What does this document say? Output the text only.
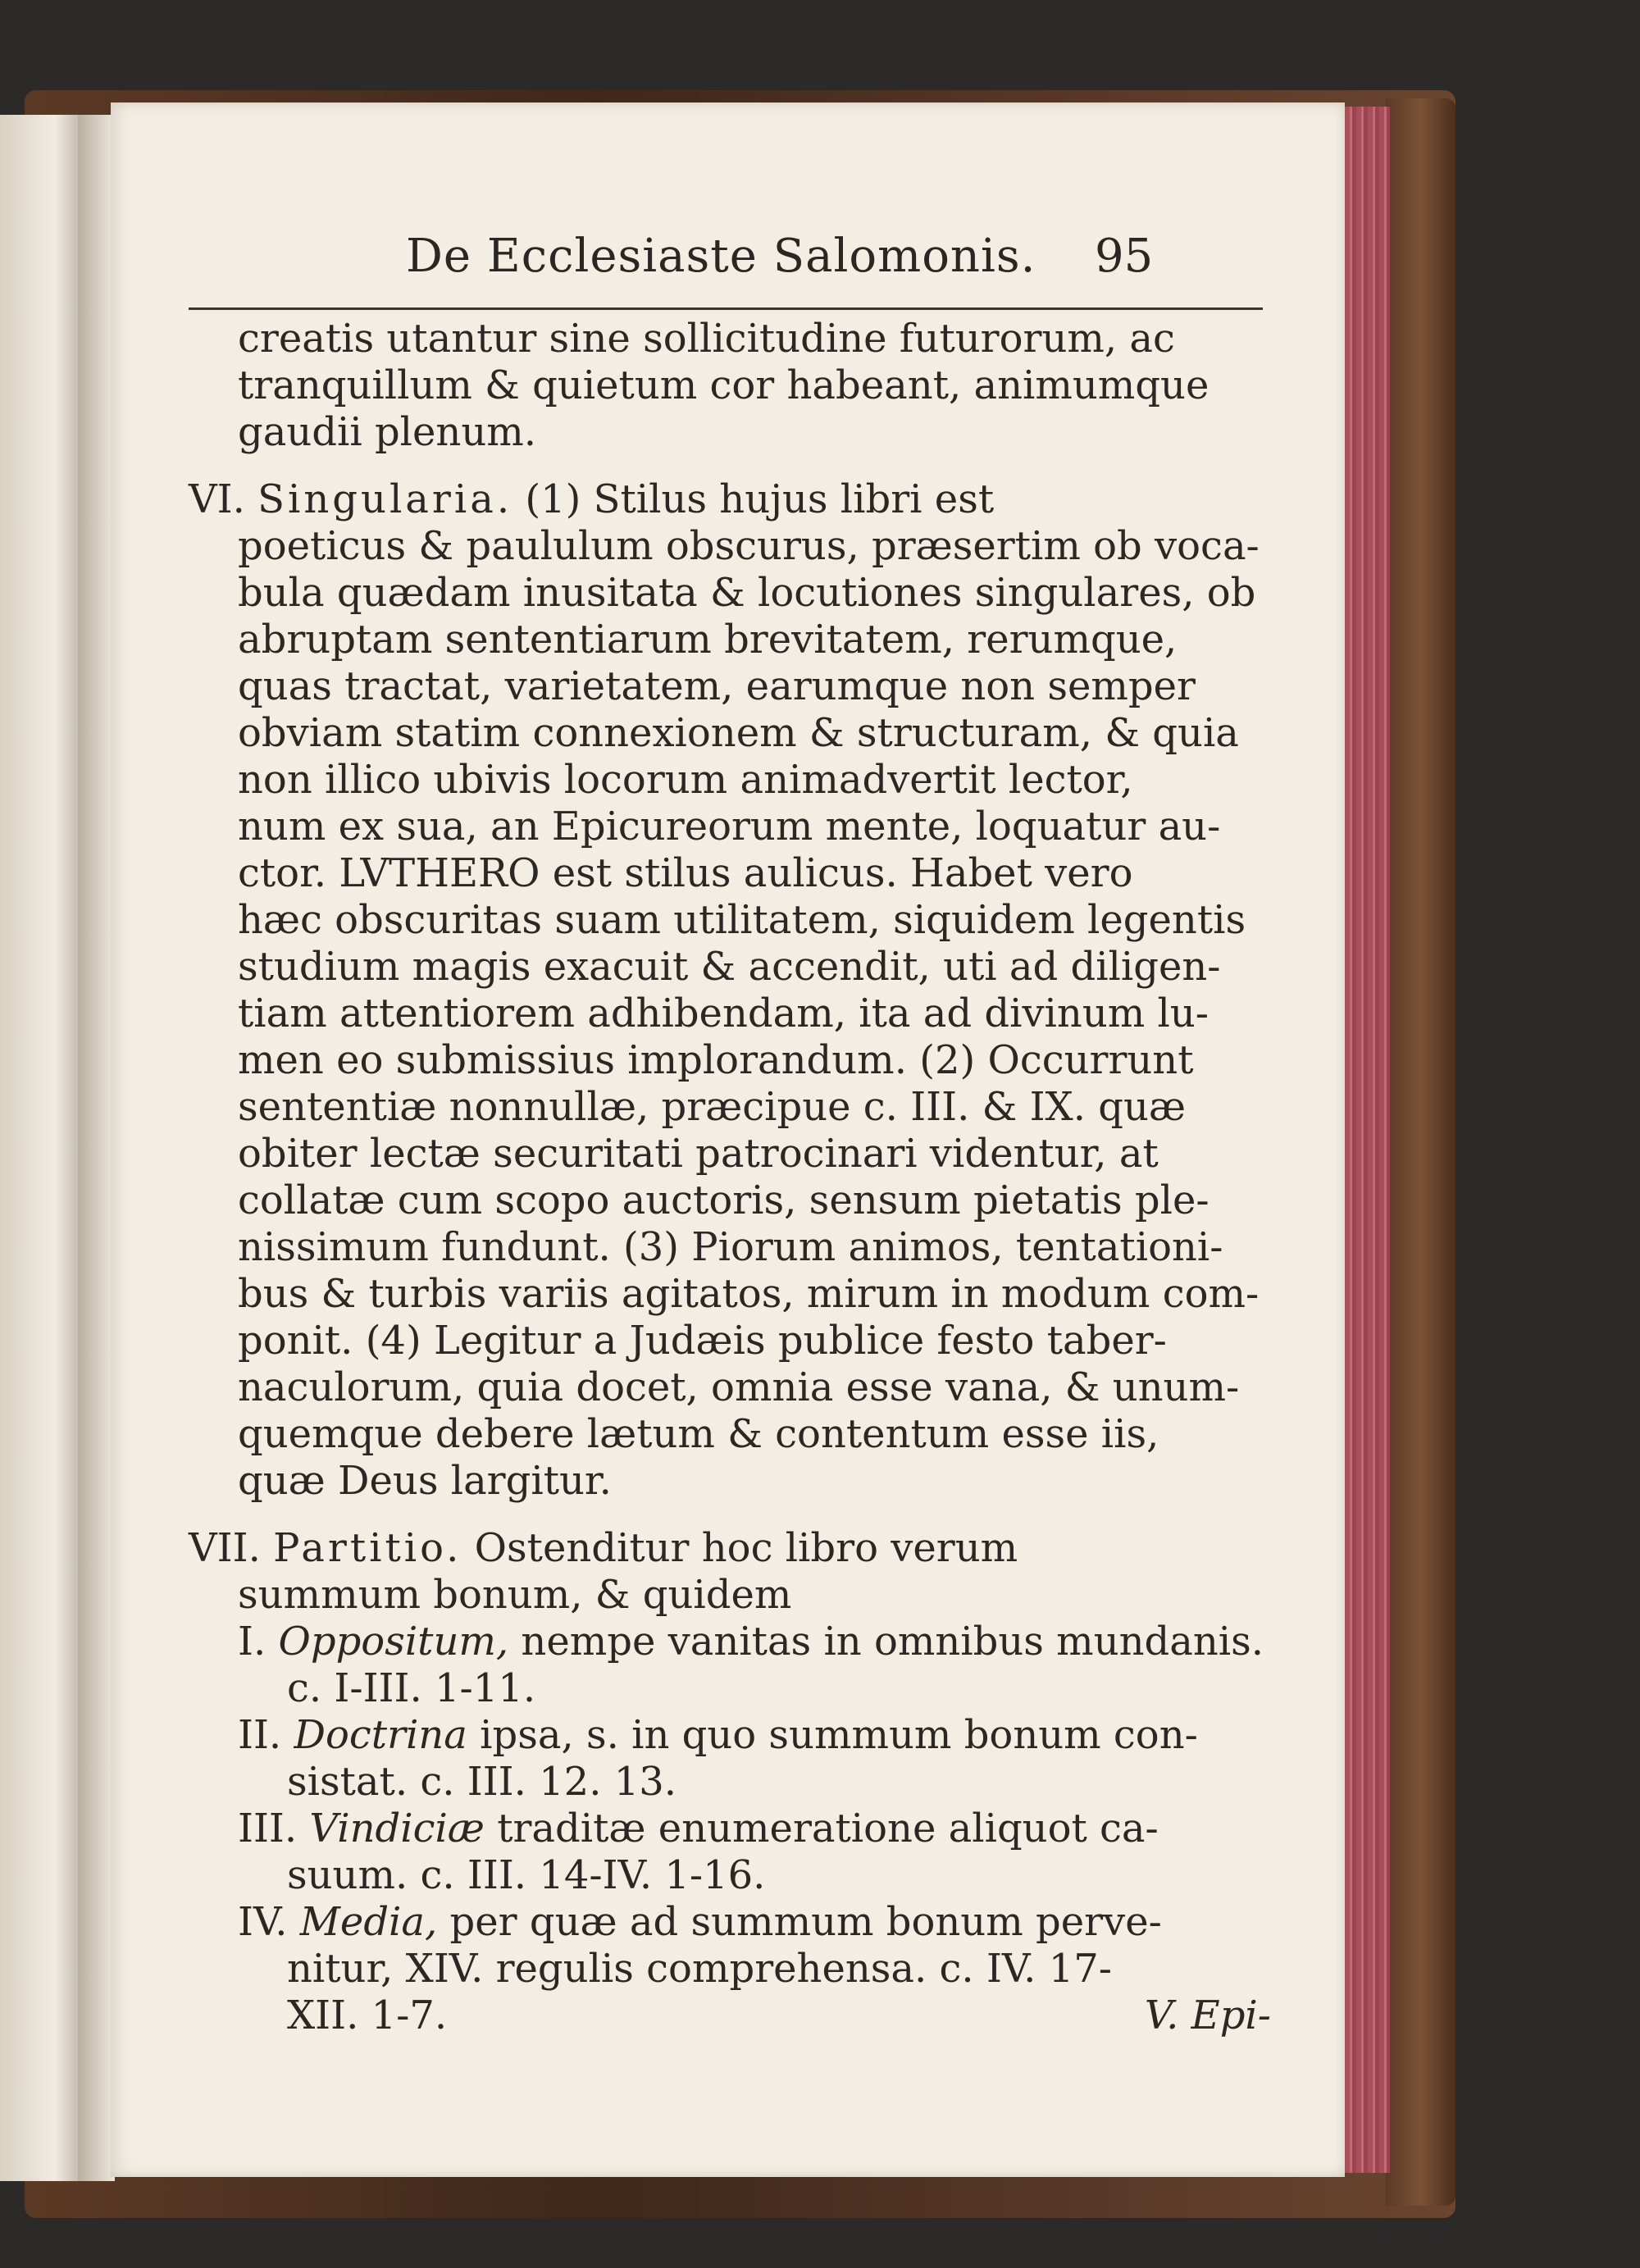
De Ecclesiaste Salomonis. 95
creatis utantur sine sollicitudine futurorum, ac
tranquillum & quietum cor habeant, animumque
gaudii plenum.
VI. Singularia. (1) Stilus hujus libri est
poeticus & paululum obscurus, præsertim ob voca-
bula quædam inusitata & locutiones singulares, ob
abruptam sententiarum brevitatem, rerumque,
quas tractat, varietatem, earumque non semper
obviam statim connexionem & structuram, & quia
non illico ubivis locorum animadvertit lector,
num ex sua, an Epicureorum mente, loquatur au-
ctor. LVTHERO est stilus aulicus. Habet vero
hæc obscuritas suam utilitatem, siquidem legentis
studium magis exacuit & accendit, uti ad diligen-
tiam attentiorem adhibendam, ita ad divinum lu-
men eo submissius implorandum. (2) Occurrunt
sententiæ nonnullæ, præcipue c. III. & IX. quæ
obiter lectæ securitati patrocinari videntur, at
collatæ cum scopo auctoris, sensum pietatis ple-
nissimum fundunt. (3) Piorum animos, tentationi-
bus & turbis variis agitatos, mirum in modum com-
ponit. (4) Legitur a Judæis publice festo taber-
naculorum, quia docet, omnia esse vana, & unum-
quemque debere lætum & contentum esse iis,
quæ Deus largitur.
VII. Partitio. Ostenditur hoc libro verum
summum bonum, & quidem
I. Oppositum, nempe vanitas in omnibus mundanis.
c. I-III. 1-11.
II. Doctrina ipsa, s. in quo summum bonum con-
sistat. c. III. 12. 13.
III. Vindiciæ traditæ enumeratione aliquot ca-
suum. c. III. 14-IV. 1-16.
IV. Media, per quæ ad summum bonum perve-
nitur, XIV. regulis comprehensa. c. IV. 17-
XII. 1-7.	V. Epi-
